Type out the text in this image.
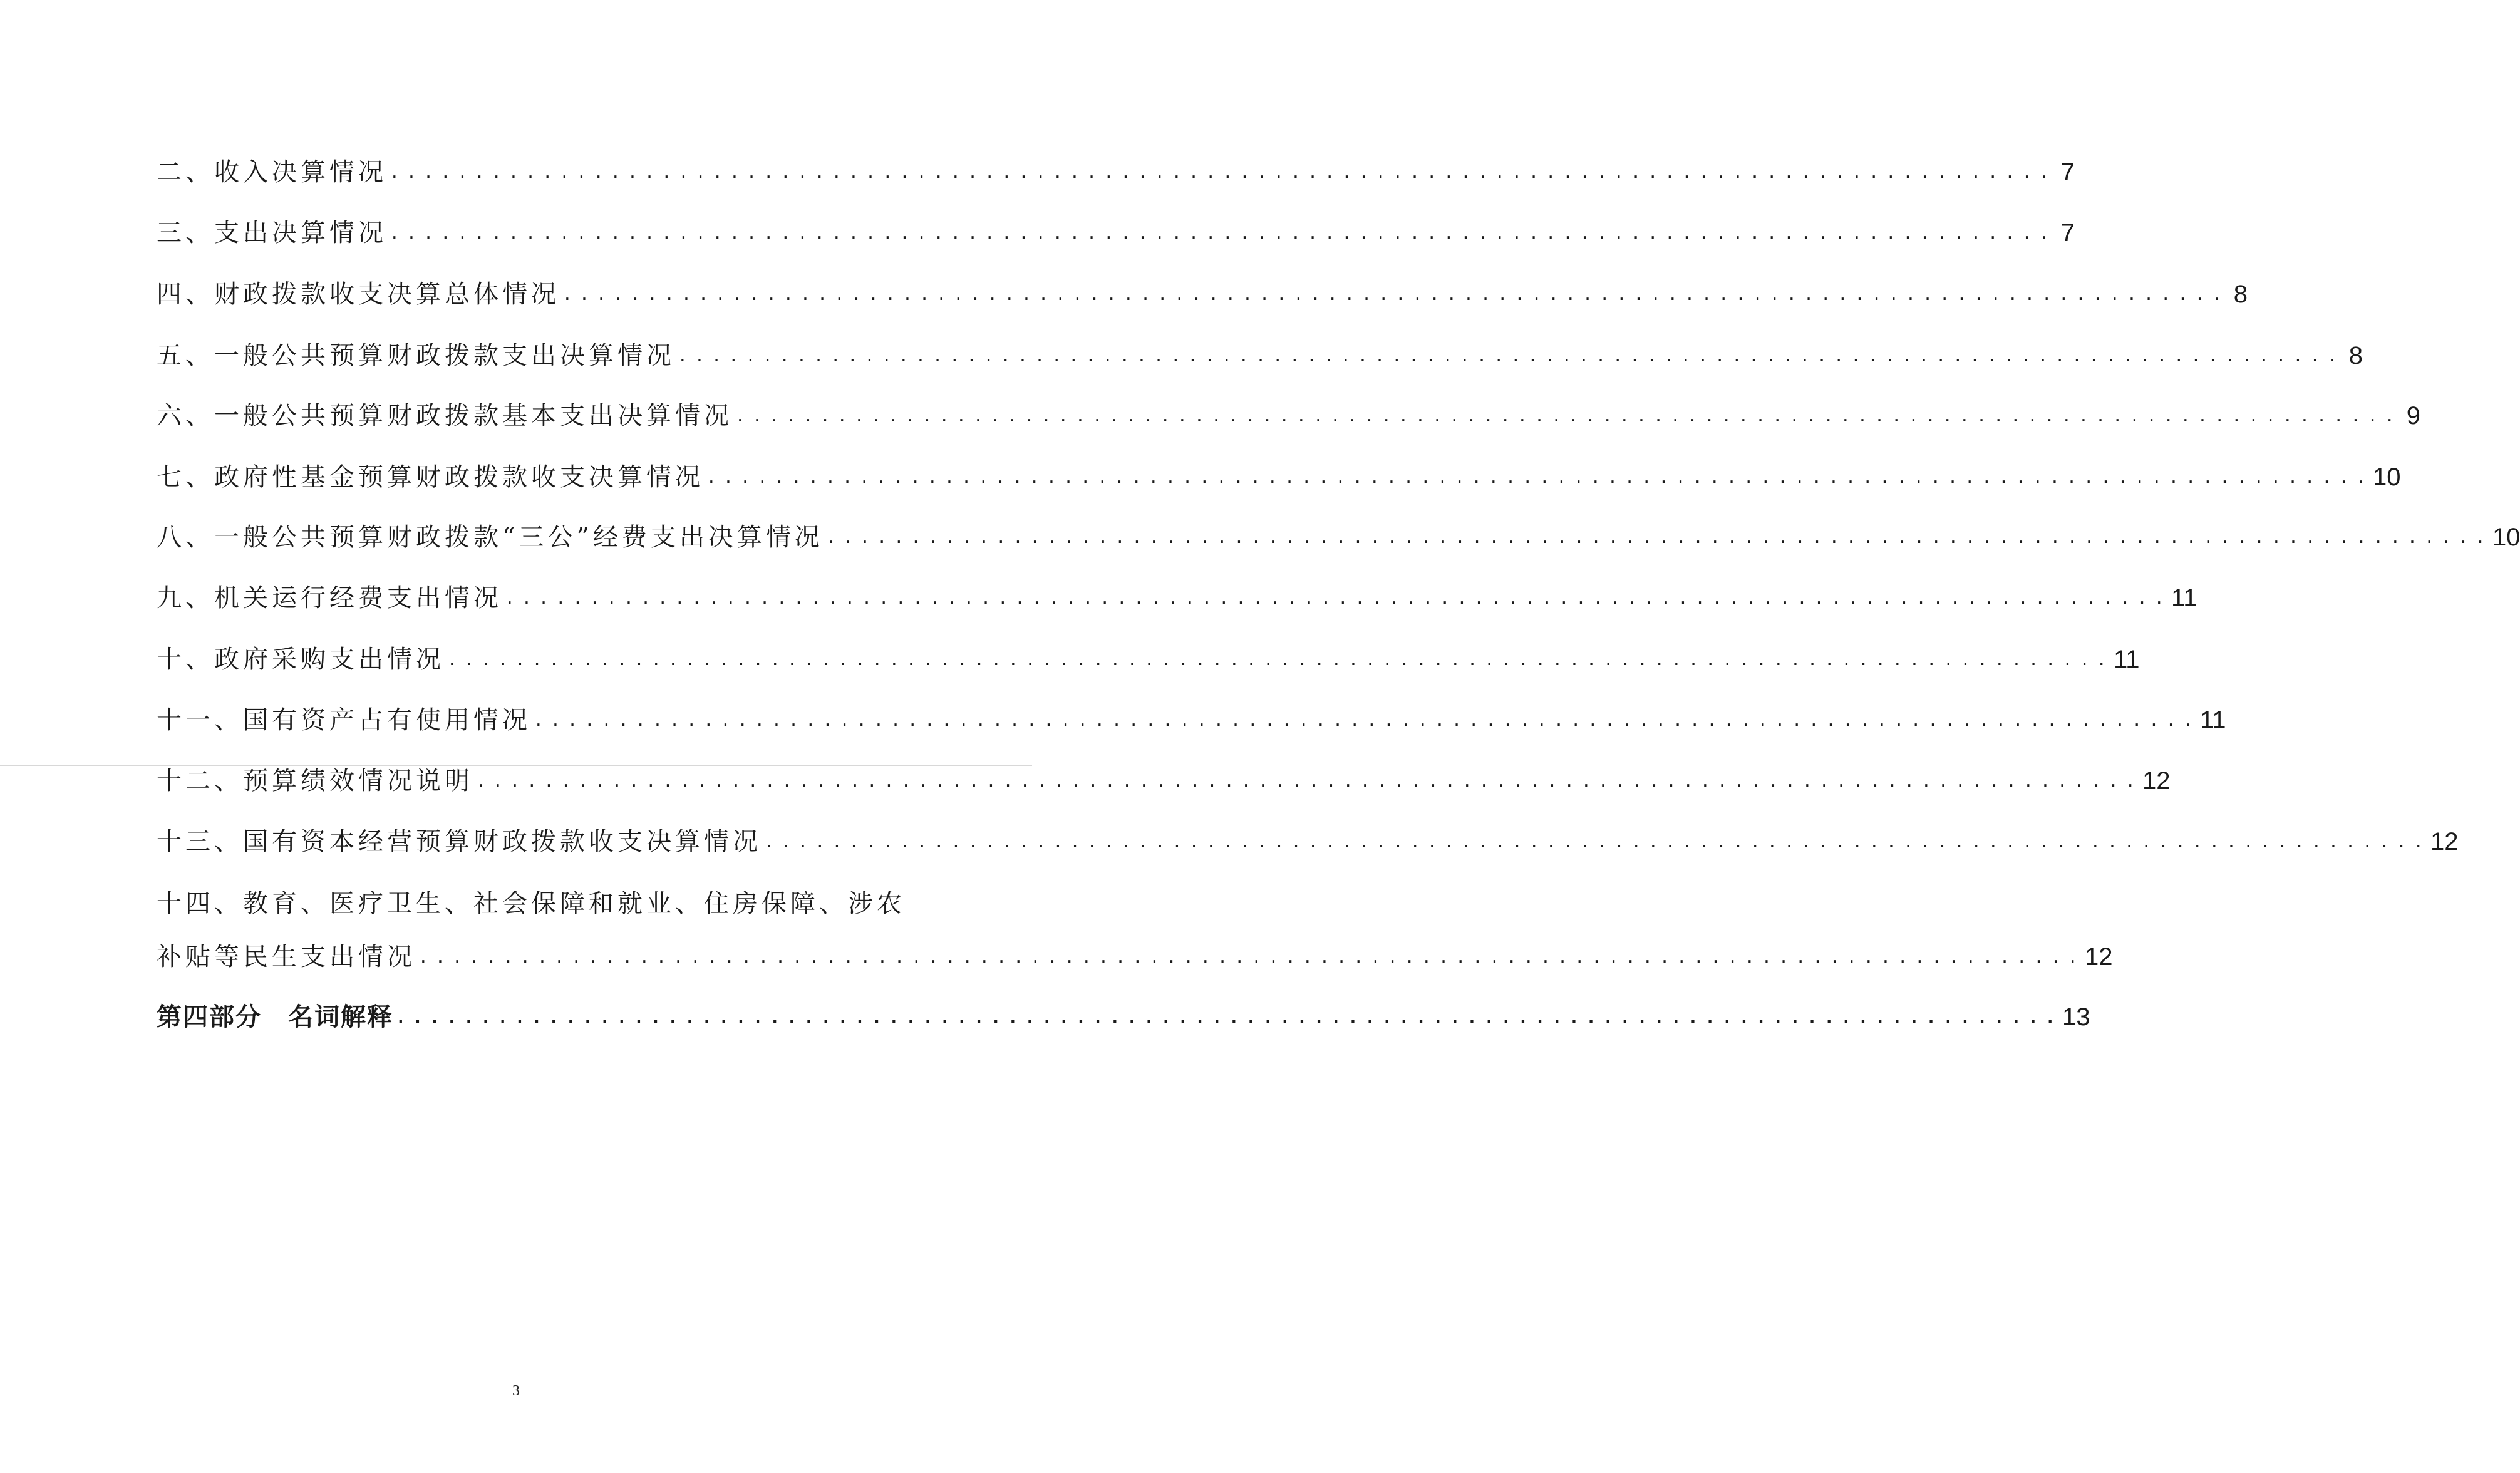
二、收入决算情况 .................................................................................................. 7
三、支出决算情况 .................................................................................................. 7
四、财政拨款收支决算总体情况 .................................................................................................. 8
五、一般公共预算财政拨款支出决算情况 .................................................................................................. 8
六、一般公共预算财政拨款基本支出决算情况 .................................................................................................. 9
七、政府性基金预算财政拨款收支决算情况 .................................................................................................. 10
八、一般公共预算财政拨款“三公”经费支出决算情况 .................................................................................................. 10
九、机关运行经费支出情况 .................................................................................................. 11
十、政府采购支出情况 .................................................................................................. 11
十一、国有资产占有使用情况 .................................................................................................. 11
十二、预算绩效情况说明 .................................................................................................. 12
十三、国有资本经营预算财政拨款收支决算情况 .................................................................................................. 12
十四、教育、医疗卫生、社会保障和就业、住房保障、涉农
补贴等民生支出情况 .................................................................................................. 12
第四部分　名词解释 .................................................................................................. 13
3
